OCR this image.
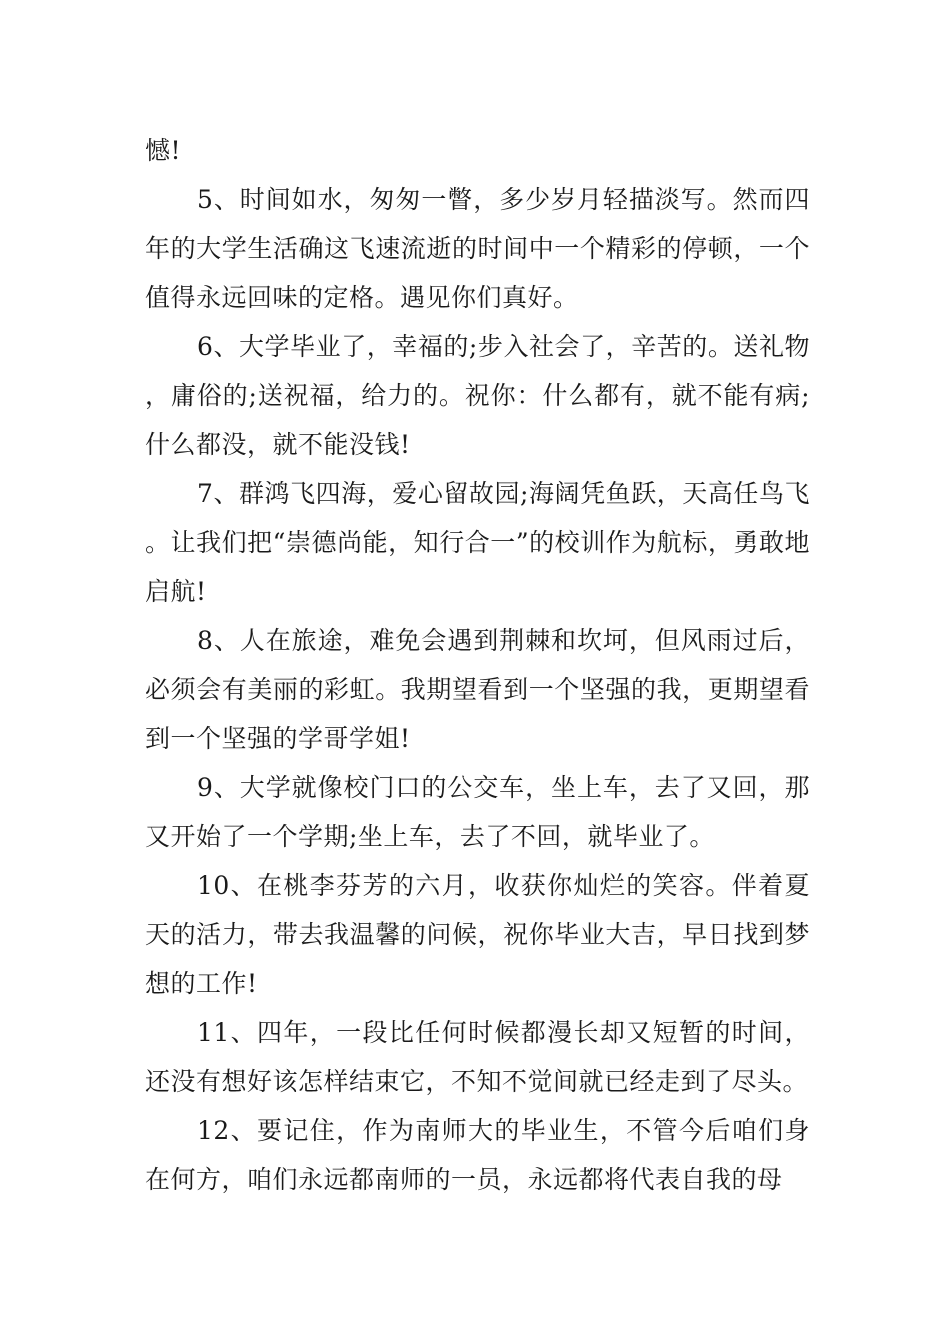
憾!

5、时间如水，匆匆一瞥，多少岁月轻描淡写。然而四年的大学生活确这飞速流逝的时间中一个精彩的停顿，一个值得永远回味的定格。遇见你们真好。

6、大学毕业了，幸福的;步入社会了，辛苦的。送礼物，庸俗的;送祝福，给力的。祝你：什么都有，就不能有病;什么都没，就不能没钱!

7、群鸿飞四海，爱心留故园;海阔凭鱼跃，天高任鸟飞。让我们把“崇德尚能，知行合一”的校训作为航标，勇敢地启航!

8、人在旅途，难免会遇到荆棘和坎坷，但风雨过后，必须会有美丽的彩虹。我期望看到一个坚强的我，更期望看到一个坚强的学哥学姐!

9、大学就像校门口的公交车，坐上车，去了又回，那又开始了一个学期;坐上车，去了不回，就毕业了。

10、在桃李芬芳的六月，收获你灿烂的笑容。伴着夏天的活力，带去我温馨的问候，祝你毕业大吉，早日找到梦想的工作!

11、四年，一段比任何时候都漫长却又短暂的时间，还没有想好该怎样结束它，不知不觉间就已经走到了尽头。

12、要记住，作为南师大的毕业生，不管今后咱们身在何方，咱们永远都南师的一员，永远都将代表自我的母
